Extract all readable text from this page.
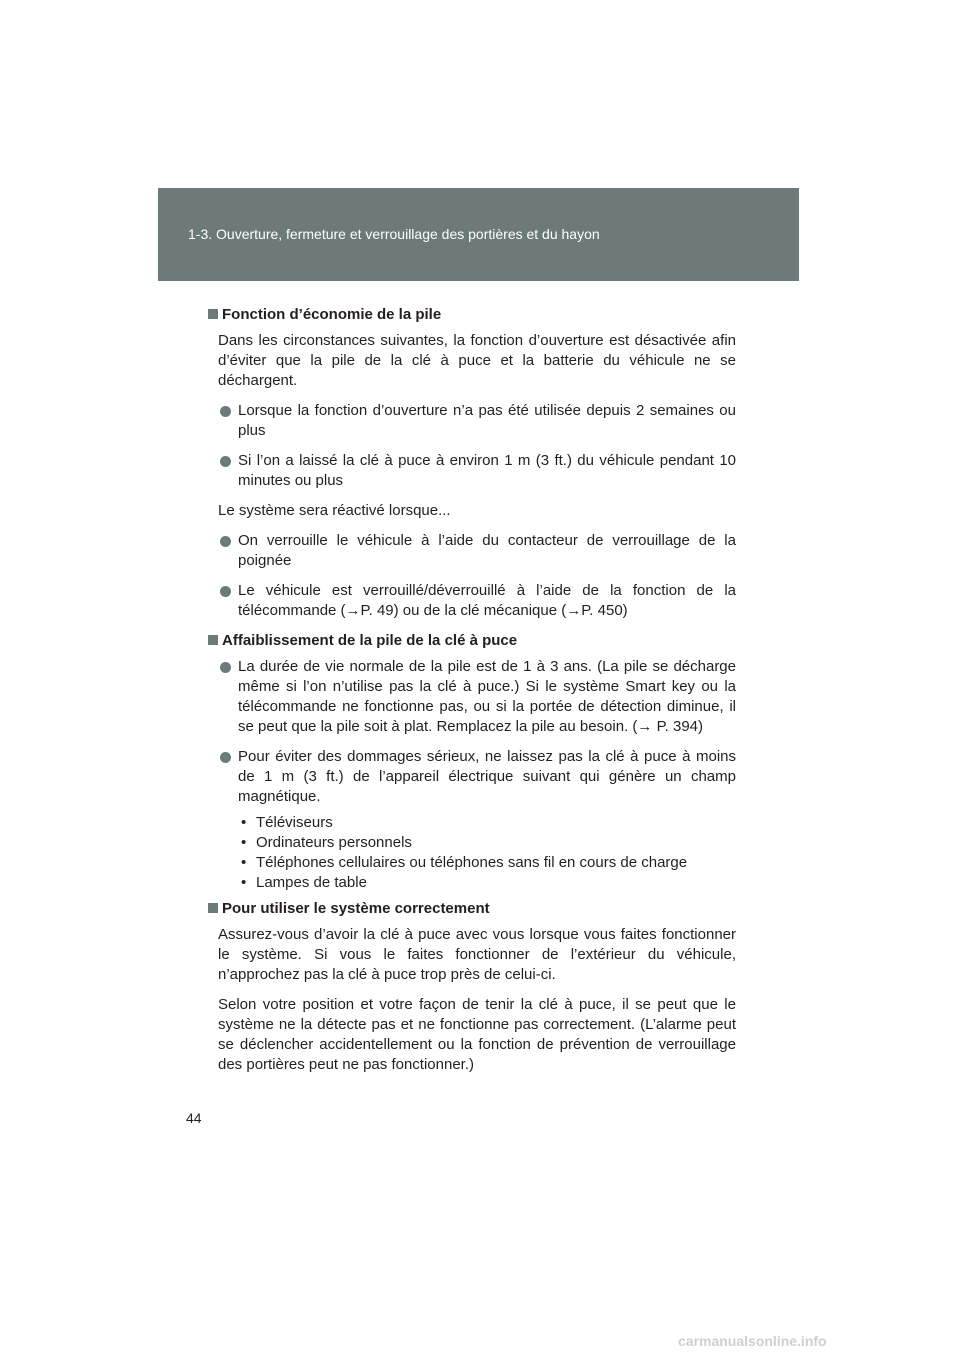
1-3. Ouverture, fermeture et verrouillage des portières et du hayon
Fonction d’économie de la pile

Dans les circonstances suivantes, la fonction d’ouverture est désactivée afin d’éviter que la pile de la clé à puce et la batterie du véhicule ne se déchargent.

Lorsque la fonction d’ouverture n’a pas été utilisée depuis 2 semaines ou plus
Si l’on a laissé la clé à puce à environ 1 m (3 ft.) du véhicule pendant 10 minutes ou plus

Le système sera réactivé lorsque...

On verrouille le véhicule à l’aide du contacteur de verrouillage de la poignée
Le véhicule est verrouillé/déverrouillé à l’aide de la fonction de la télécommande (→P. 49) ou de la clé mécanique (→P. 450)
Affaiblissement de la pile de la clé à puce
La durée de vie normale de la pile est de 1 à 3 ans. (La pile se décharge même si l’on n’utilise pas la clé à puce.) Si le système Smart key ou la télécommande ne fonctionne pas, ou si la portée de détection diminue, il se peut que la pile soit à plat. Remplacez la pile au besoin. (→ P. 394)
Pour éviter des dommages sérieux, ne laissez pas la clé à puce à moins de 1 m (3 ft.) de l’appareil électrique suivant qui génère un champ magnétique.
• Téléviseurs
• Ordinateurs personnels
• Téléphones cellulaires ou téléphones sans fil en cours de charge
• Lampes de table
Pour utiliser le système correctement

Assurez-vous d’avoir la clé à puce avec vous lorsque vous faites fonctionner le système. Si vous le faites fonctionner de l’extérieur du véhicule, n’approchez pas la clé à puce trop près de celui-ci.

Selon votre position et votre façon de tenir la clé à puce, il se peut que le système ne la détecte pas et ne fonctionne pas correctement. (L’alarme peut se déclencher accidentellement ou la fonction de prévention de verrouillage des portières peut ne pas fonctionner.)

44
carmanualsonline.info
